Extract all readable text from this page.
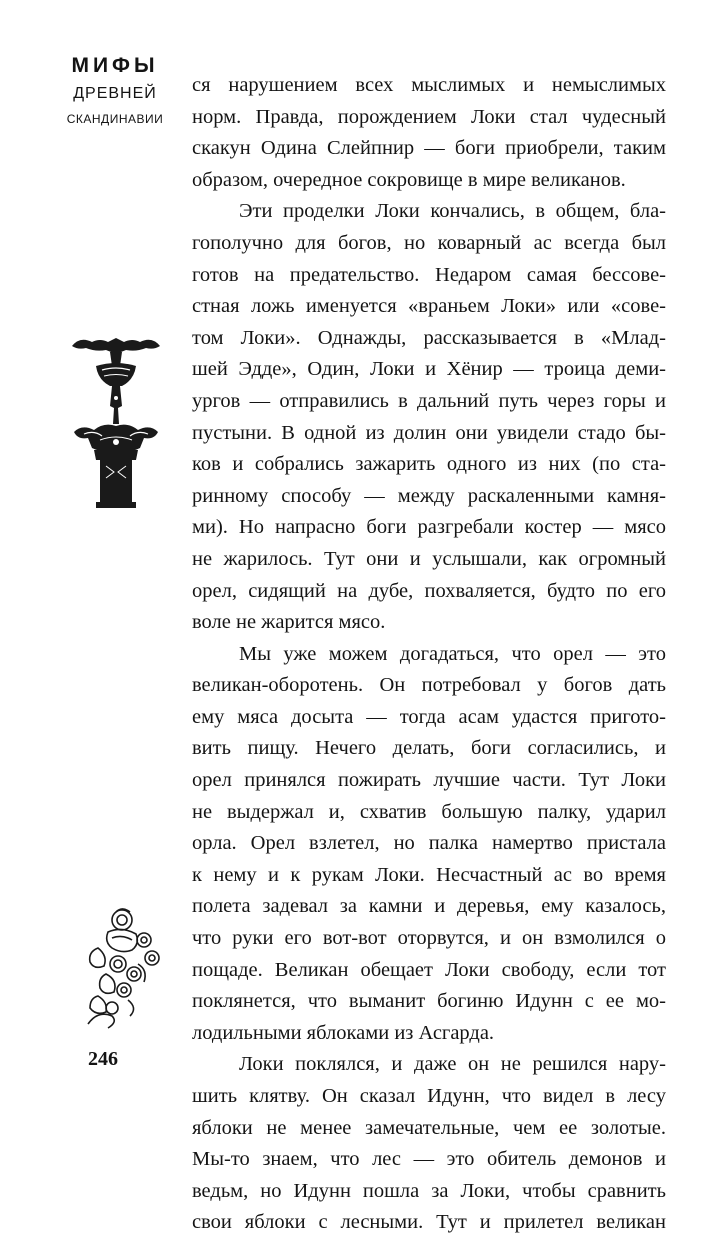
МИФЫ
ДРЕВНЕЙ
СКАНДИНАВИИ
246
ся нарушением всех мыслимых и немыслимых
норм. Правда, порождением Локи стал чудесный
скакун Одина Слейпнир — боги приобрели, таким
образом, очередное сокровище в мире великанов.
Эти проделки Локи кончались, в общем, бла-
гополучно для богов, но коварный ас всегда был
готов на предательство. Недаром самая бессове-
стная ложь именуется «враньем Локи» или «сове-
том Локи». Однажды, рассказывается в «Млад-
шей Эдде», Один, Локи и Хёнир — троица деми-
ургов — отправились в дальний путь через горы и
пустыни. В одной из долин они увидели стадо бы-
ков и собрались зажарить одного из них (по ста-
ринному способу — между раскаленными камня-
ми). Но напрасно боги разгребали костер — мясо
не жарилось. Тут они и услышали, как огромный
орел, сидящий на дубе, похваляется, будто по его
воле не жарится мясо.
Мы уже можем догадаться, что орел — это
великан-оборотень. Он потребовал у богов дать
ему мяса досыта — тогда асам удастся пригото-
вить пищу. Нечего делать, боги согласились, и
орел принялся пожирать лучшие части. Тут Локи
не выдержал и, схватив большую палку, ударил
орла. Орел взлетел, но палка намертво пристала
к нему и к рукам Локи. Несчастный ас во время
полета задевал за камни и деревья, ему казалось,
что руки его вот-вот оторвутся, и он взмолился о
пощаде. Великан обещает Локи свободу, если тот
поклянется, что выманит богиню Идунн с ее мо-
лодильными яблоками из Асгарда.
Локи поклялся, и даже он не решился нару-
шить клятву. Он сказал Идунн, что видел в лесу
яблоки не менее замечательные, чем ее золотые.
Мы-то знаем, что лес — это обитель демонов и
ведьм, но Идунн пошла за Локи, чтобы сравнить
свои яблоки с лесными. Тут и прилетел великан
